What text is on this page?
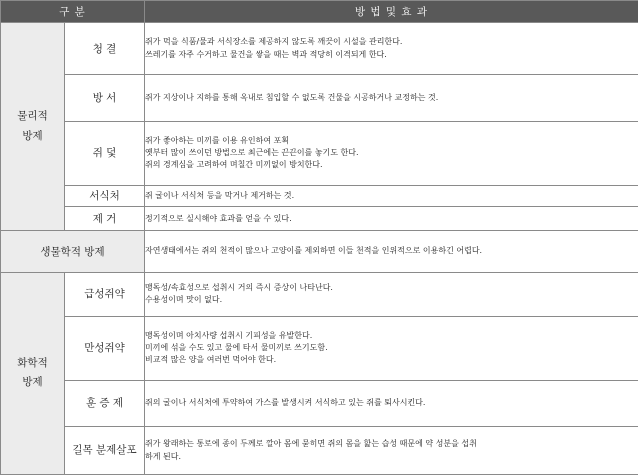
구 분		방 법 및 효 과
물리적방제	청 결	쥐가 먹을 식품/물과 서식장소를 제공하지 않도록 깨끗이 시설을 관리한다.
쓰레기를 자주 수거하고 물건을 쌓을 때는 벽과 적당히 이격되게 한다.

	방 서	쥐가 지상이나 지하를 통해 옥내로 침입할 수 없도록 건물을 시공하거나 교정하는 것.

	쥐 덫	쥐가 좋아하는 미끼를 이용 유인하여 포획
옛부터 많이 쓰이던 방법으로 최근에는 끈끈이를 놓기도 한다.
쥐의 경계심을 고려하여 며칠간 미끼없이 방치한다.

	서식처	쥐 굴이나 서식처 등을 막거나 제거하는 것.

	제 거	정기적으로 실시해야 효과를 얻을 수 있다.

생물학적 방제		자연생태에서는 쥐의 천적이 많으나 고양이를 제외하면 이들 천적을 인위적으로 이용하긴 어렵다.

화학적방제	급성쥐약	맹독성/속효성으로 섭취시 거의 즉시 증상이 나타난다.
수용성이며 맛이 없다.

	만성쥐약	맹독성이며 아치사량 섭취시 기피성을 유발한다.
미끼에 섞을 수도 있고 물에 타서 물미끼로 쓰기도함.
비교적 많은 양을 여러번 먹어야 한다.

	훈 증 제	쥐의 굴이나 서식처에 투약하여 가스를 발생시켜 서식하고 있는 쥐를 퇴사시킨다.

	길목 분제살포	쥐가 왕래하는 통로에 종이 두께로 깔아 몸에 묻히면 쥐의 몸을 핥는 습성 때문에 약 성분을 섭취
하게 된다.
